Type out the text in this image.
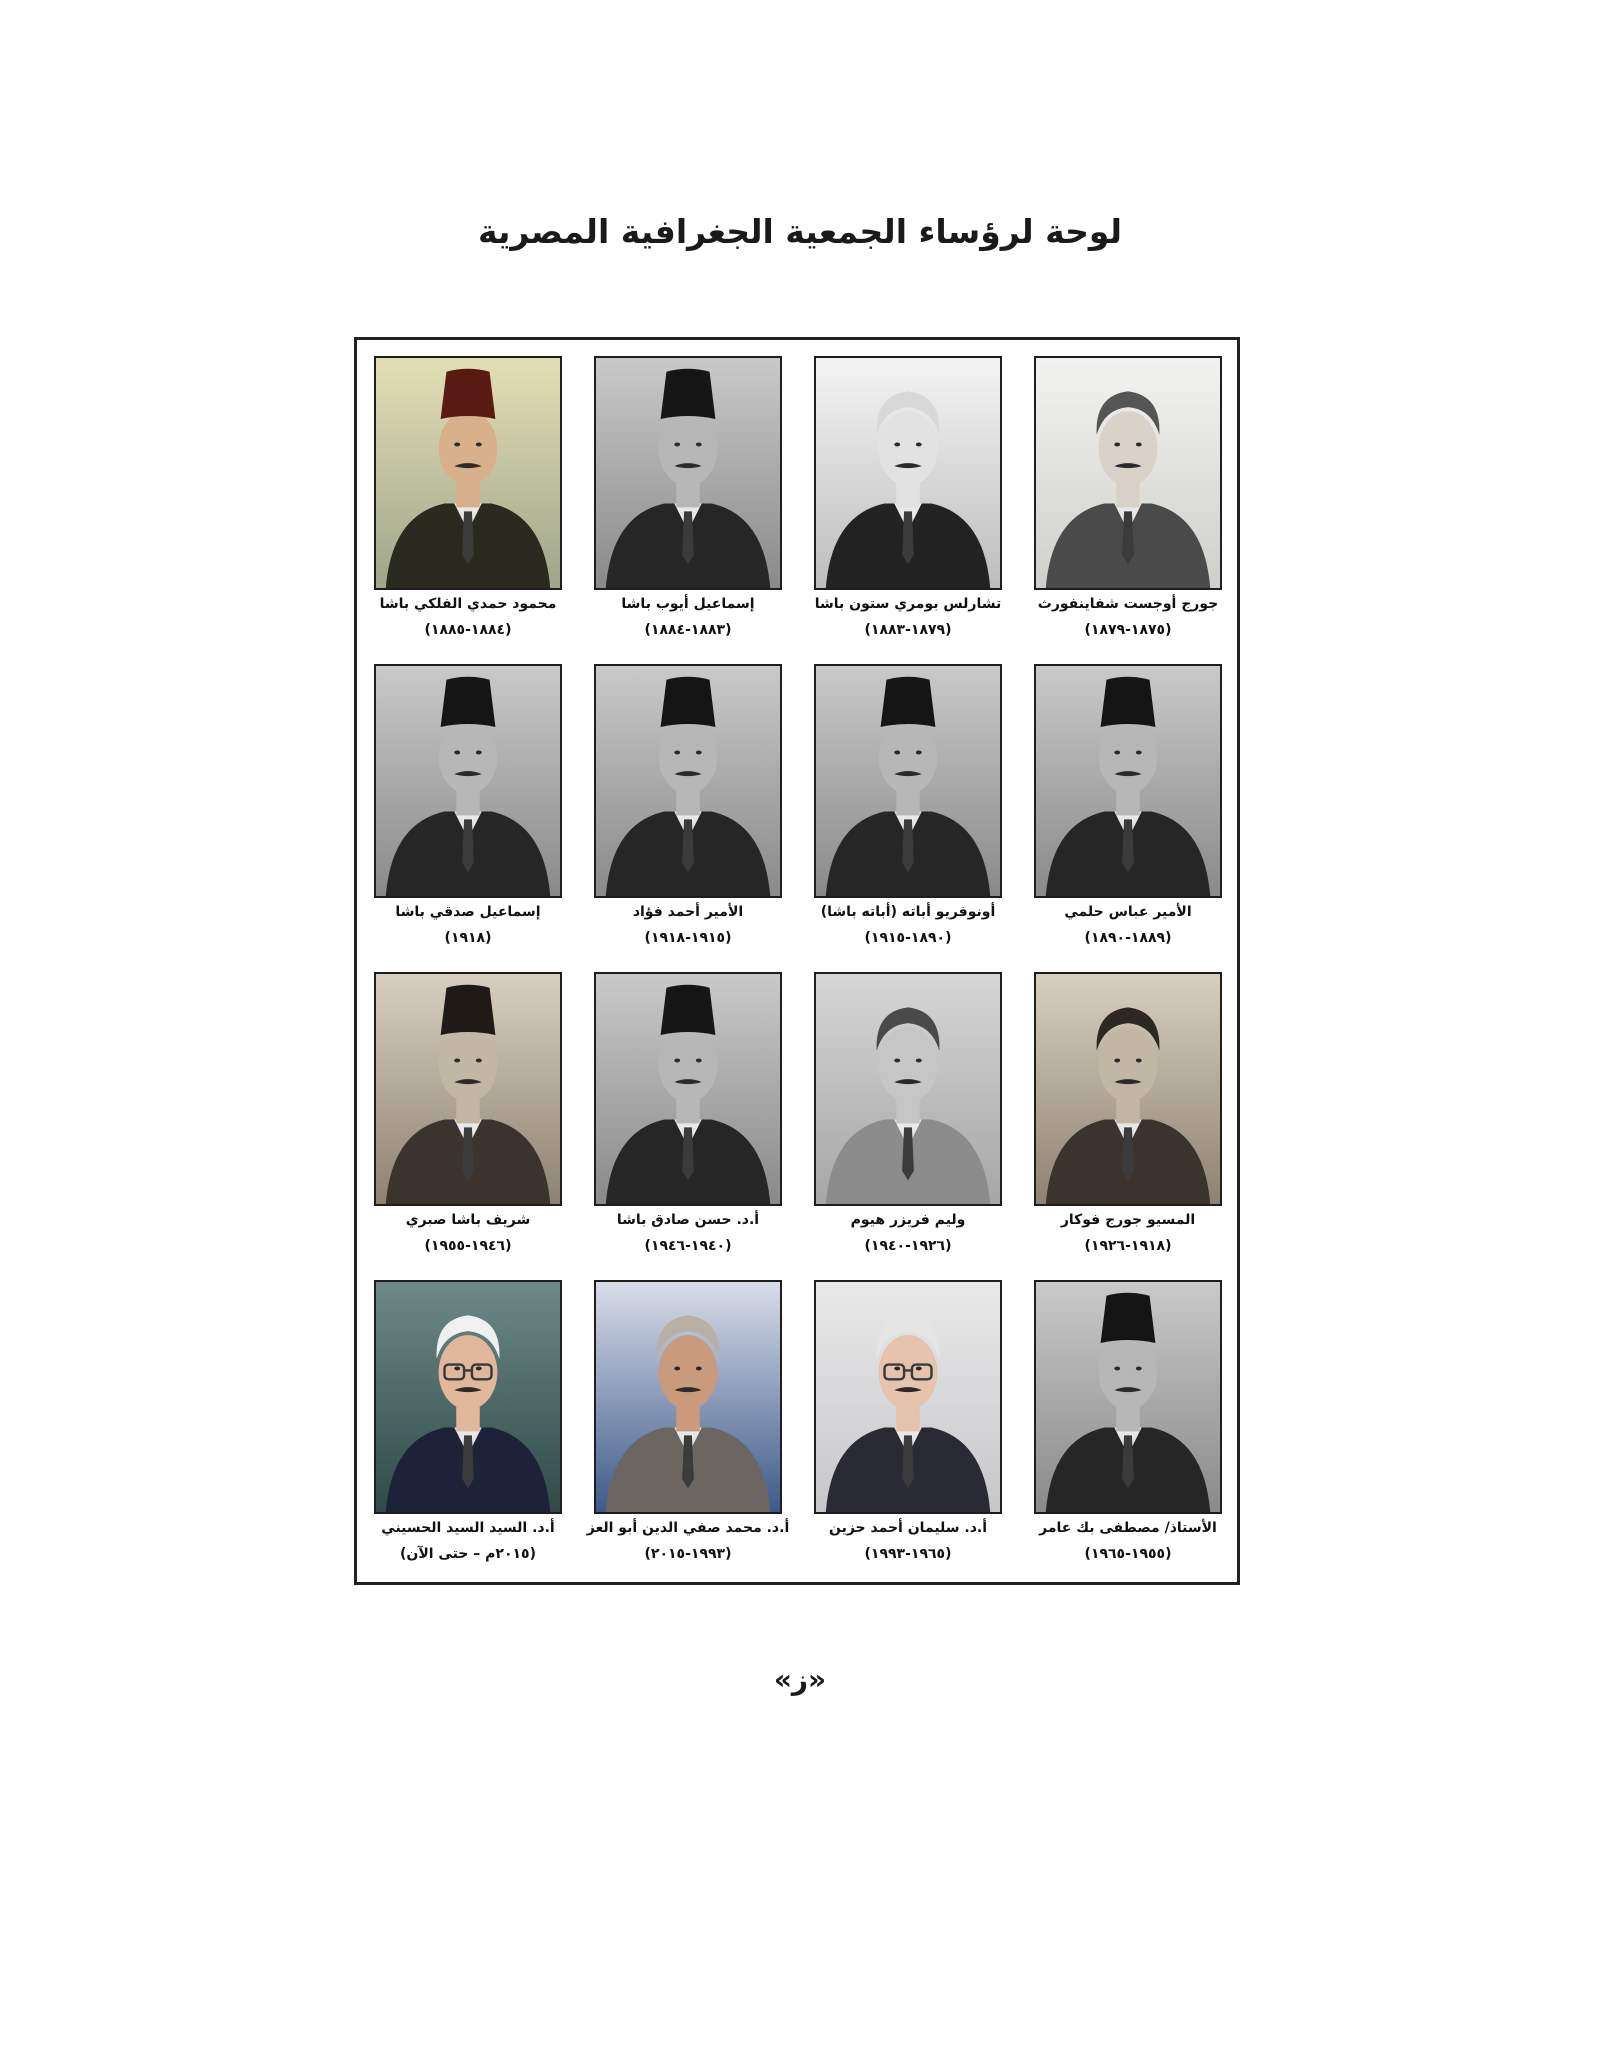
لوحة لرؤساء الجمعية الجغرافية المصرية
جورج أوجست شفاينفورث
(١٨٧٥-١٨٧٩)
تشارلس بومري ستون باشا
(١٨٧٩-١٨٨٣)
إسماعيل أيوب باشا
(١٨٨٣-١٨٨٤)
محمود حمدي الفلكي باشا
(١٨٨٤-١٨٨٥)
الأمير عباس حلمي
(١٨٨٩-١٨٩٠)
أونوفريو أباته (أباته باشا)
(١٨٩٠-١٩١٥)
الأمير أحمد فؤاد
(١٩١٥-١٩١٨)
إسماعيل صدقي باشا
(١٩١٨)
المسيو جورج فوكار
(١٩١٨-١٩٢٦)
وليم فريزر هيوم
(١٩٢٦-١٩٤٠)
أ.د. حسن صادق باشا
(١٩٤٠-١٩٤٦)
شريف باشا صبري
(١٩٤٦-١٩٥٥)
الأستاذ/ مصطفى بك عامر
(١٩٥٥-١٩٦٥)
أ.د. سليمان أحمد حزين
(١٩٦٥-١٩٩٣)
أ.د. محمد صفي الدين أبو العز
(١٩٩٣-٢٠١٥)
أ.د. السيد السيد الحسيني
(٢٠١٥م – حتى الآن)
«ز»
